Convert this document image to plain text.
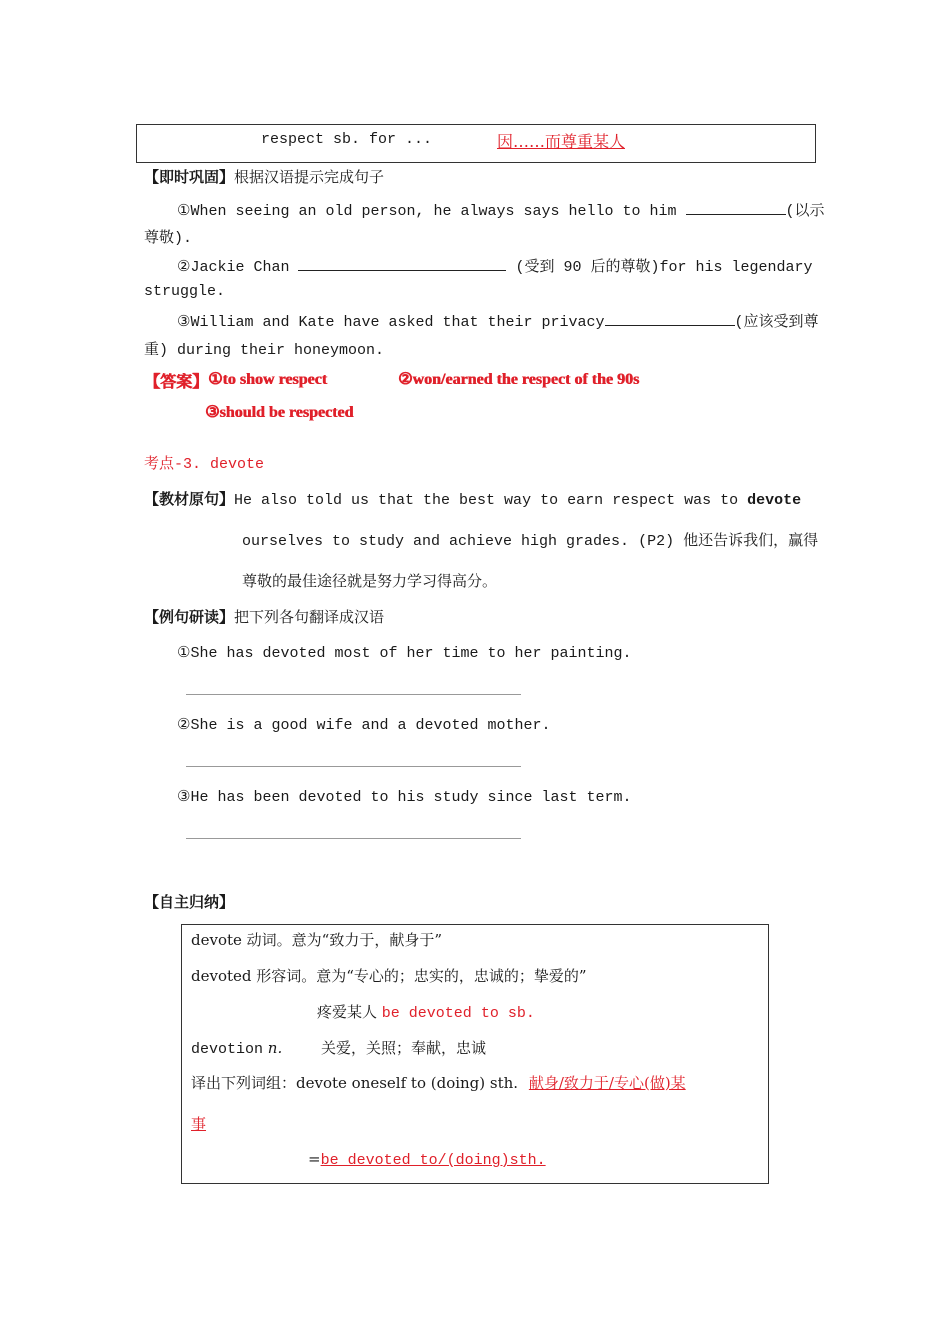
respect sb. for ...	因……而尊重某人
【即时巩固】根据汉语提示完成句子
①When seeing an old person, he always says hello to him	(以示
尊敬).
②Jackie Chan	(受到 90 后的尊敬)for his legendary
struggle.
③William and Kate have asked that their privacy	(应该受到尊
重) during their honeymoon.
【答案】 ①to show respect	②won/earned the respect of the 90s
③should be respected
考点-3. devote
【教材原句】He also told us that the best way to earn respect was to devote
ourselves to study and achieve high grades. (P2) 他还告诉我们，赢得
尊敬的最佳途径就是努力学习得高分。
【例句研读】把下列各句翻译成汉语
①She has devoted most of her time to her painting.
②She is a good wife and a devoted mother.
③He has been devoted to his study since last term.
【自主归纳】
devote 动词。意为“致力于，献身于”
devoted 形容词。意为“专心的；忠实的，忠诚的；挚爱的”
疼爱某人 be devoted to sb.
devotion n.	关爱，关照；奉献，忠诚
译出下列词组：devote oneself to (doing) sth. 献身/致力于/专心(做)某
事
=be devoted to/(doing)sth.
